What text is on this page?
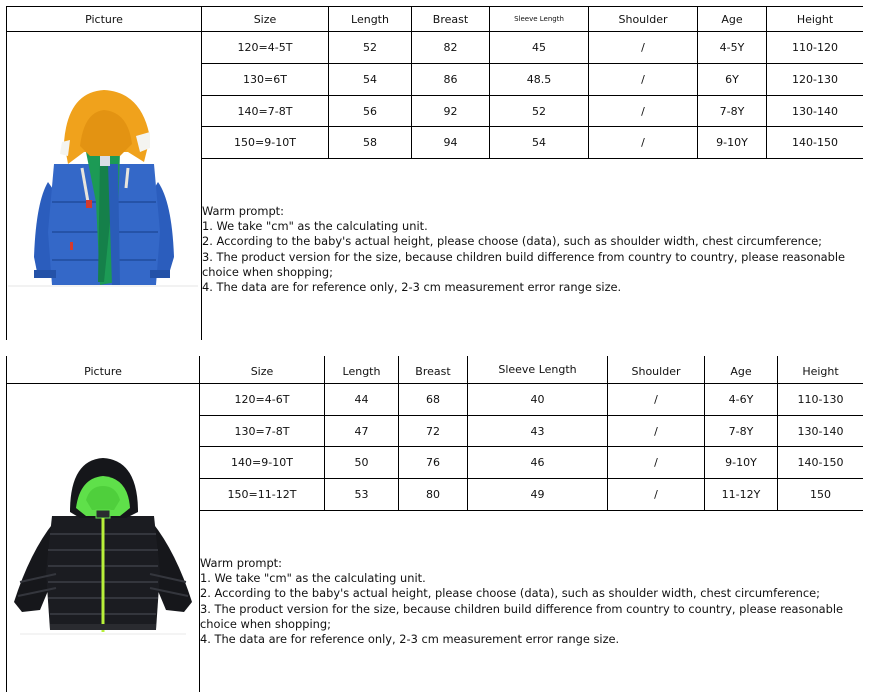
Picture	Size	Length	Breast	Sleeve Length	Shoulder	Age	Height
120=4-5T	52	82	45	/	4-5Y	110-120
130=6T	54	86	48.5	/	6Y	120-130
140=7-8T	56	92	52	/	7-8Y	130-140
150=9-10T	58	94	54	/	9-10Y	140-150
Warm prompt:
1. We take "cm" as the calculating unit.
2. According to the baby's actual height, please choose (data), such as shoulder width, chest circumference;
3. The product version for the size, because children build difference from country to country, please reasonable choice when shopping;
4. The data are for reference only, 2-3 cm measurement error range size.
Picture	Size	Length	Breast	Sleeve Length	Shoulder	Age	Height
120=4-6T	44	68	40	/	4-6Y	110-130
130=7-8T	47	72	43	/	7-8Y	130-140
140=9-10T	50	76	46	/	9-10Y	140-150
150=11-12T	53	80	49	/	11-12Y	150
Warm prompt:
1. We take "cm" as the calculating unit.
2. According to the baby's actual height, please choose (data), such as shoulder width, chest circumference;
3. The product version for the size, because children build difference from country to country, please reasonable choice when shopping;
4. The data are for reference only, 2-3 cm measurement error range size.
